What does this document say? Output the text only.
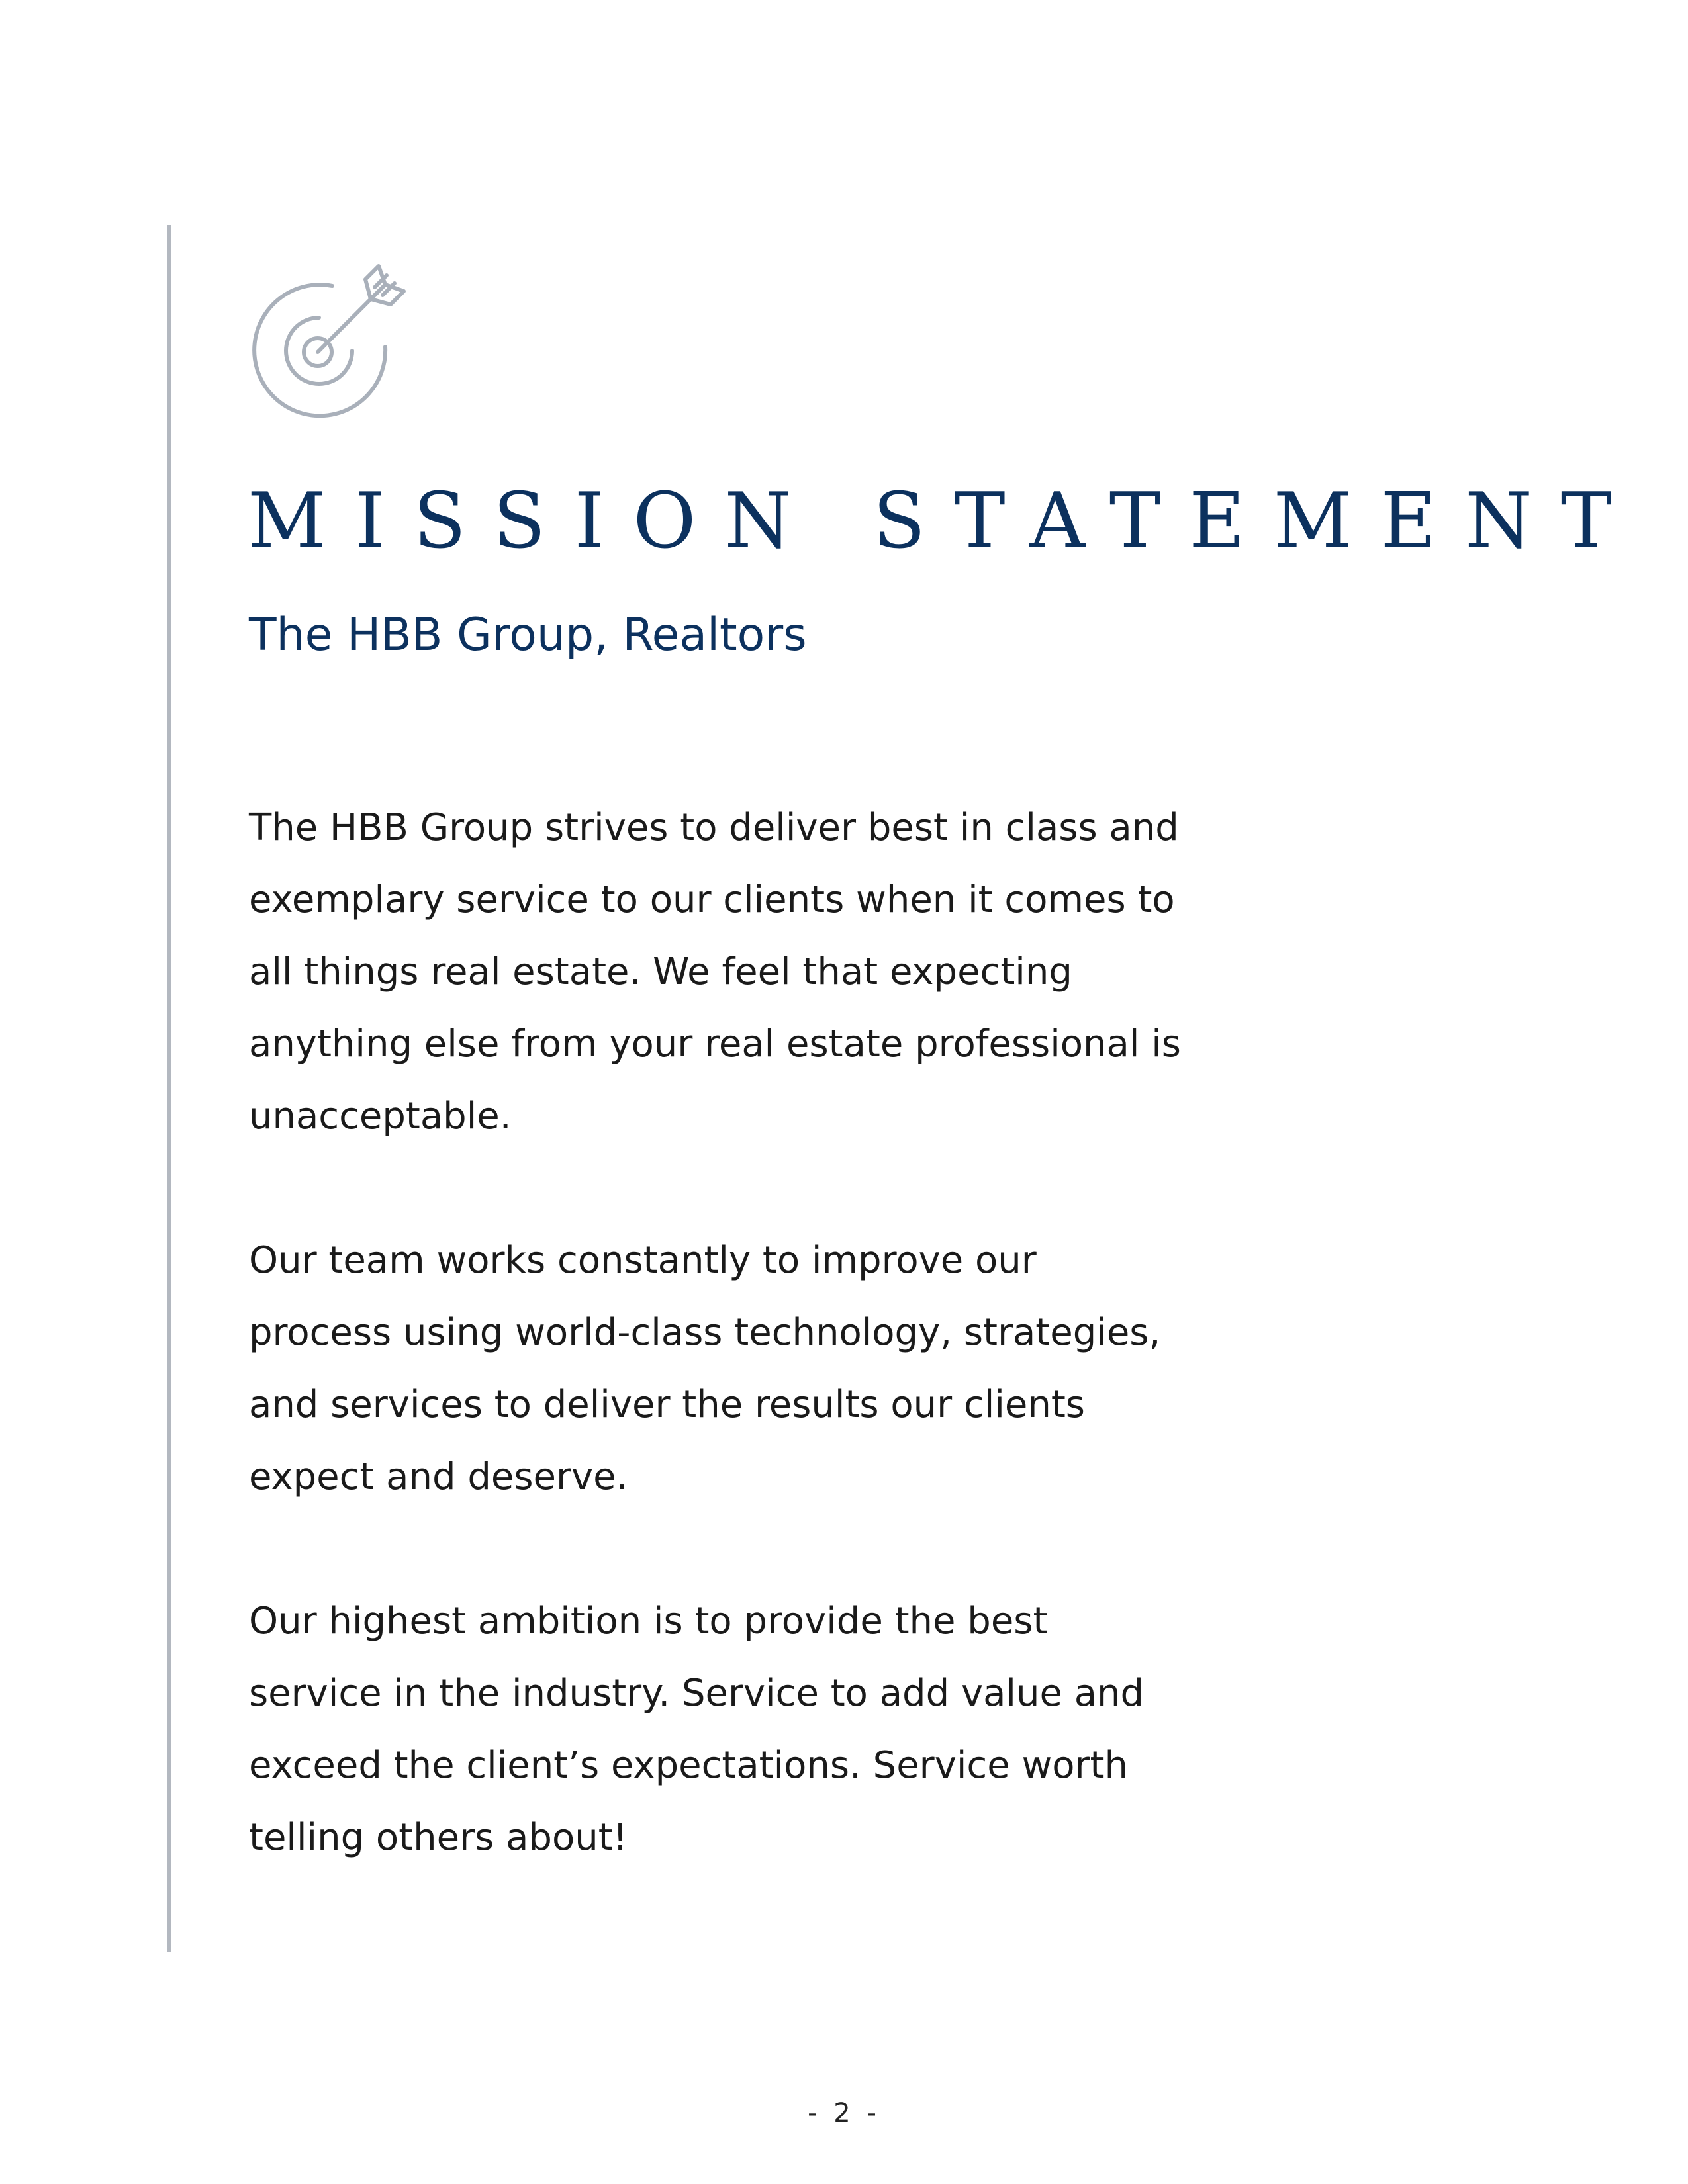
MISSION STATEMENT
The HBB Group, Realtors

The HBB Group strives to deliver best in class and
exemplary service to our clients when it comes to
all things real estate. We feel that expecting
anything else from your real estate professional is
unacceptable.

Our team works constantly to improve our
process using world-class technology, strategies,
and services to deliver the results our clients
expect and deserve.

Our highest ambition is to provide the best
service in the industry. Service to add value and
exceed the client’s expectations. Service worth
telling others about!

- 2 -
